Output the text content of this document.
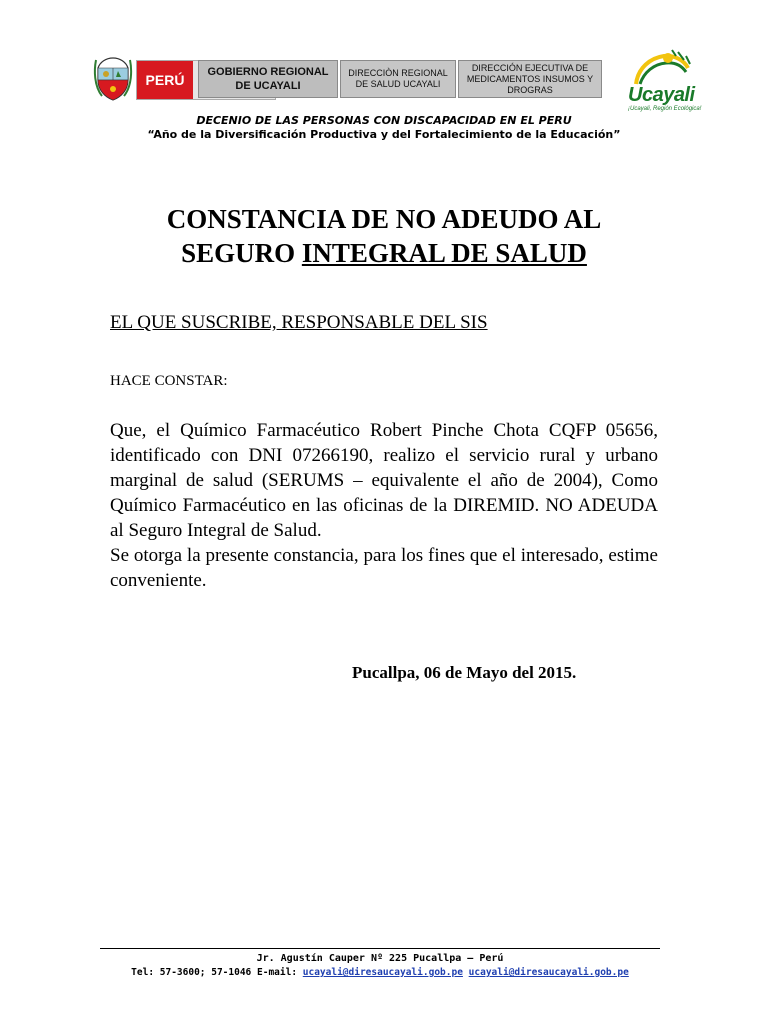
PERÚ	GOBIERNO REGIONAL DE UCAYALI
DIRECCIÒN REGIONAL DE SALUD UCAYALI
DIRECCIÓN EJECUTIVA DE MEDICAMENTOS INSUMOS Y DROGRAS	Ucayali
¡Ucayali, Región Ecológica!
DECENIO DE LAS PERSONAS CON DISCAPACIDAD EN EL PERU
“Año de la Diversificación Productiva y del Fortalecimiento de la Educación”
CONSTANCIA DE NO ADEUDO AL
SEGURO INTEGRAL DE SALUD
EL QUE SUSCRIBE, RESPONSABLE DEL SIS
HACE CONSTAR:

Que, el Químico Farmacéutico Robert Pinche Chota CQFP 05656, identificado con DNI 07266190, realizo el servicio rural y urbano marginal de salud (SERUMS – equivalente el año de 2004), Como Químico Farmacéutico en las oficinas de la DIREMID. NO ADEUDA al Seguro Integral de Salud.

Se otorga la presente constancia, para los fines que el interesado, estime conveniente.

Pucallpa, 06 de Mayo del 2015.
Jr. Agustín Cauper Nº 225 Pucallpa – Perú
Tel: 57-3600; 57-1046 E-mail: ucayali@diresaucayali.gob.pe ucayali@diresaucayali.gob.pe
